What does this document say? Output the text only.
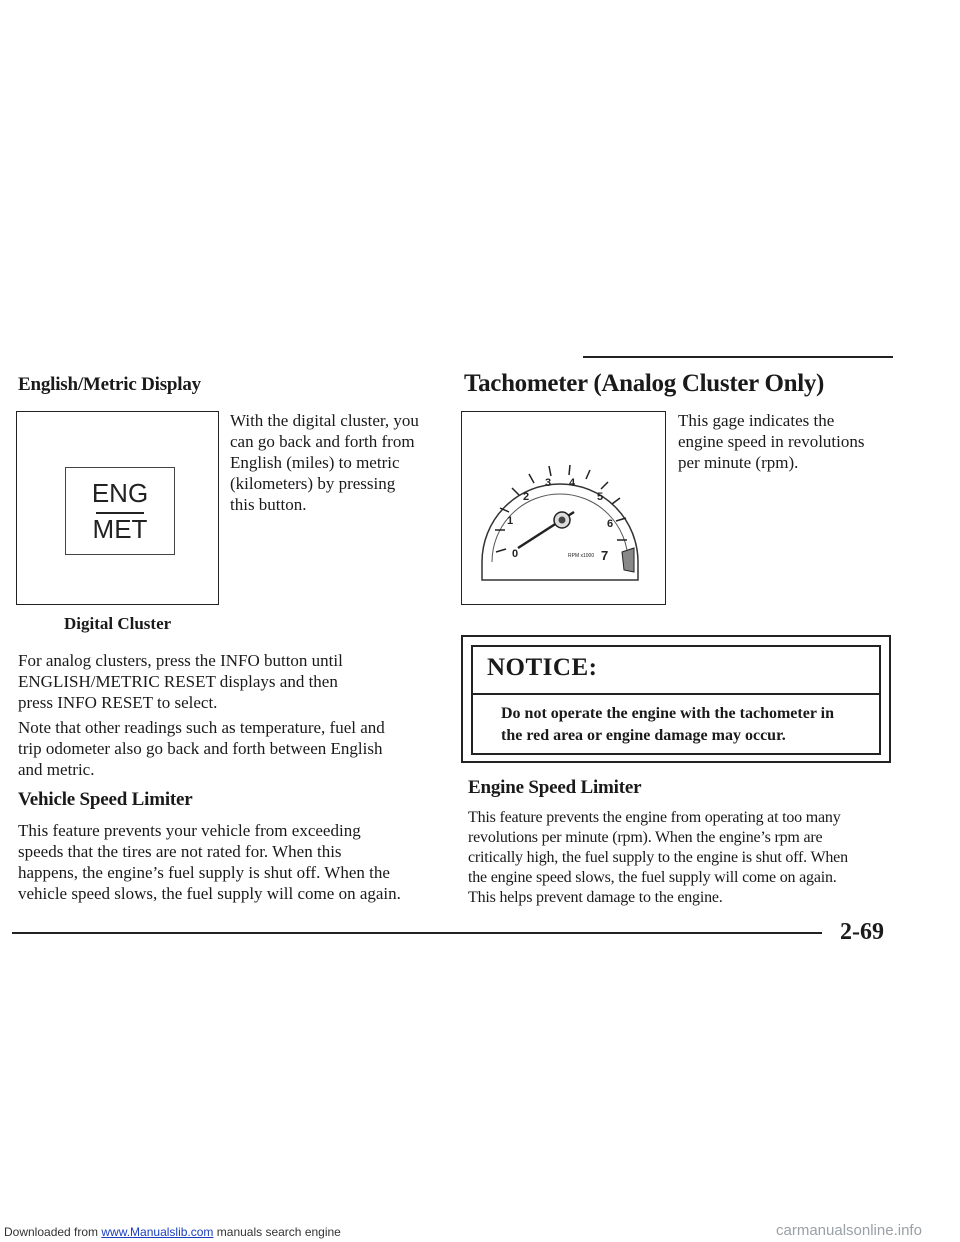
English/Metric Display	Tachometer (Analog Cluster Only)
ENG
MET
Digital Cluster
With the digital cluster, you
can go back and forth from
English (miles) to metric
(kilometers) by pressing
this button.
For analog clusters, press the INFO button until
ENGLISH/METRIC RESET displays and then
press INFO RESET to select.
Note that other readings such as temperature, fuel and
trip odometer also go back and forth between English
and metric.
Vehicle Speed Limiter
This feature prevents your vehicle from exceeding
speeds that the tires are not rated for. When this
happens, the engine’s fuel supply is shut off. When the
vehicle speed slows, the fuel supply will come on again.
0
1
2
3 4
5
6
7
RPM x1000
This gage indicates the
engine speed in revolutions
per minute (rpm).
NOTICE:
Do not operate the engine with the tachometer in
the red area or engine damage may occur.
Engine Speed Limiter
This feature prevents the engine from operating at too many
revolutions per minute (rpm). When the engine’s rpm are
critically high, the fuel supply to the engine is shut off. When
the engine speed slows, the fuel supply will come on again.
This helps prevent damage to the engine.
2-69
Downloaded from www.Manualslib.com manuals search engine	carmanualsonline.info
